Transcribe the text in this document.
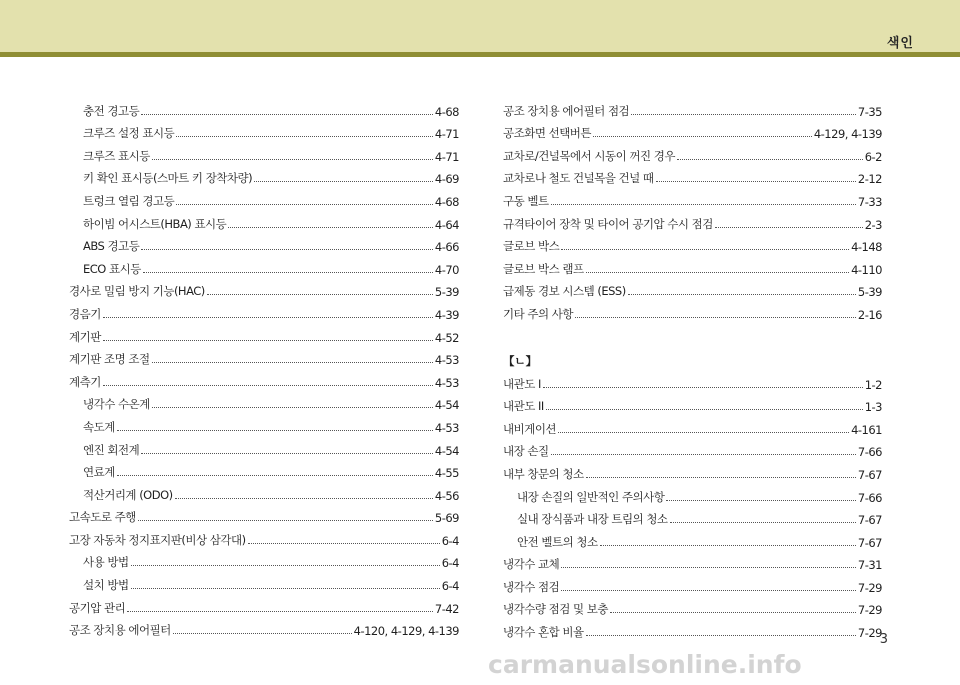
색인
충전 경고등	4-68
크루즈 설정 표시등	4-71
크루즈 표시등	4-71
키 확인 표시등(스마트 키 장착차량)	4-69
트렁크 열림 경고등	4-68
하이빔 어시스트(HBA) 표시등	4-64
ABS 경고등	4-66
ECO 표시등	4-70
경사로 밀림 방지 기능(HAC)	5-39
경음기	4-39
계기판	4-52
계기판 조명 조절	4-53
계측기	4-53
냉각수 수온계	4-54
속도계	4-53
엔진 회전계	4-54
연료계	4-55
적산거리계 (ODO)	4-56
고속도로 주행	5-69
고장 자동차 정지표지판(비상 삼각대)	6-4
사용 방법	6-4
설치 방법	6-4
공기압 관리	7-42
공조 장치용 에어필터	4-120, 4-129, 4-139
공조 장치용 에어필터 점검	7-35
공조화면 선택버튼	4-129, 4-139
교차로/건널목에서 시동이 꺼진 경우	6-2
교차로나 철도 건널목을 건널 때	2-12
구동 벨트	7-33
규격타이어 장착 및 타이어 공기압 수시 점검	2-3
글로브 박스	4-148
글로브 박스 램프	4-110
급제동 경보 시스템 (ESS)	5-39
기타 주의 사항	2-16
【ㄴ】
내관도 I	1-2
내관도 II	1-3
내비게이션	4-161
내장 손질	7-66
내부 창문의 청소	7-67
내장 손질의 일반적인 주의사항	7-66
실내 장식품과 내장 트림의 청소	7-67
안전 벨트의 청소	7-67
냉각수 교체	7-31
냉각수 점검	7-29
냉각수량 점검 및 보충	7-29
냉각수 혼합 비율	7-29
3
carmanualsonline.info
